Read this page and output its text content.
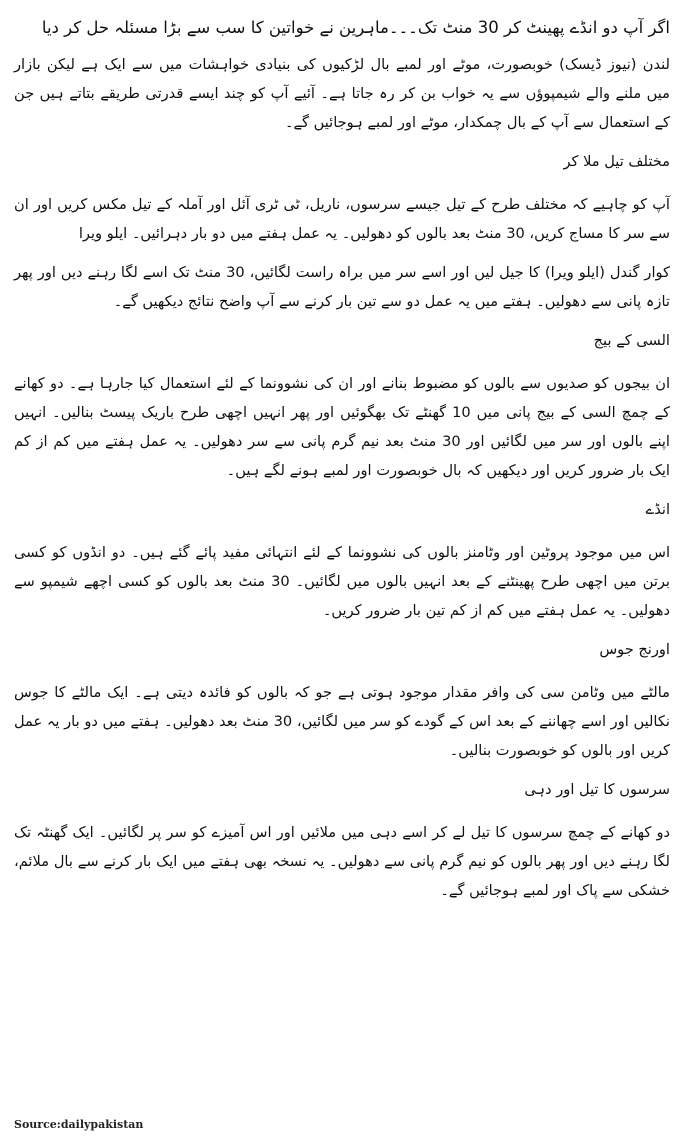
اگر آپ دو انڈے پھینٹ کر 30 منٹ تک۔۔۔ماہرین نے خواتین کا سب سے بڑا مسئلہ حل کر دیا

لندن (نیوز ڈیسک) خوبصورت، موٹے اور لمبے بال لڑکیوں کی بنیادی خواہشات میں سے ایک ہے لیکن بازار میں ملنے والے شیمپوؤں سے یہ خواب بن کر رہ جاتا ہے۔ آئیے آپ کو چند ایسے قدرتی طریقے بتاتے ہیں جن کے استعمال سے آپ کے بال چمکدار، موٹے اور لمبے ہوجائیں گے۔

مختلف تیل ملا کر

آپ کو چاہیے کہ مختلف طرح کے تیل جیسے سرسوں، ناریل، ٹی ٹری آئل اور آملہ کے تیل مکس کریں اور ان سے سر کا مساج کریں، 30 منٹ بعد بالوں کو دھولیں۔ یہ عمل ہفتے میں دو بار دہرائیں۔ ایلو ویرا

کوار گندل (ایلو ویرا) کا جیل لیں اور اسے سر میں براہ راست لگائیں، 30 منٹ تک اسے لگا رہنے دیں اور پھر تازہ پانی سے دھولیں۔ ہفتے میں یہ عمل دو سے تین بار کرنے سے آپ واضح نتائج دیکھیں گے۔

السی کے بیج

ان بیجوں کو صدیوں سے بالوں کو مضبوط بنانے اور ان کی نشوونما کے لئے استعمال کیا جارہا ہے۔ دو کھانے کے چمچ السی کے بیج پانی میں 10 گھنٹے تک بھگوئیں اور پھر انہیں اچھی طرح باریک پیسٹ بنالیں۔ انہیں اپنے بالوں اور سر میں لگائیں اور 30 منٹ بعد نیم گرم پانی سے سر دھولیں۔ یہ عمل ہفتے میں کم از کم ایک بار ضرور کریں اور دیکھیں کہ بال خوبصورت اور لمبے ہونے لگے ہیں۔

انڈے

اس میں موجود پروٹین اور وٹامنز بالوں کی نشوونما کے لئے انتہائی مفید پائے گئے ہیں۔ دو انڈوں کو کسی برتن میں اچھی طرح پھینٹنے کے بعد انہیں بالوں میں لگائیں۔ 30 منٹ بعد بالوں کو کسی اچھے شیمپو سے دھولیں۔ یہ عمل ہفتے میں کم از کم تین بار ضرور کریں۔

اورنج جوس

مالٹے میں وٹامن سی کی وافر مقدار موجود ہوتی ہے جو کہ بالوں کو فائدہ دیتی ہے۔ ایک مالٹے کا جوس نکالیں اور اسے چھاننے کے بعد اس کے گودے کو سر میں لگائیں، 30 منٹ بعد دھولیں۔ ہفتے میں دو بار یہ عمل کریں اور بالوں کو خوبصورت بنالیں۔

سرسوں کا تیل اور دہی

دو کھانے کے چمچ سرسوں کا تیل لے کر اسے دہی میں ملائیں اور اس آمیزے کو سر پر لگائیں۔ ایک گھنٹہ تک لگا رہنے دیں اور پھر بالوں کو نیم گرم پانی سے دھولیں۔ یہ نسخہ بھی ہفتے میں ایک بار کرنے سے بال ملائم، خشکی سے پاک اور لمبے ہوجائیں گے۔

Source:dailypakistan
